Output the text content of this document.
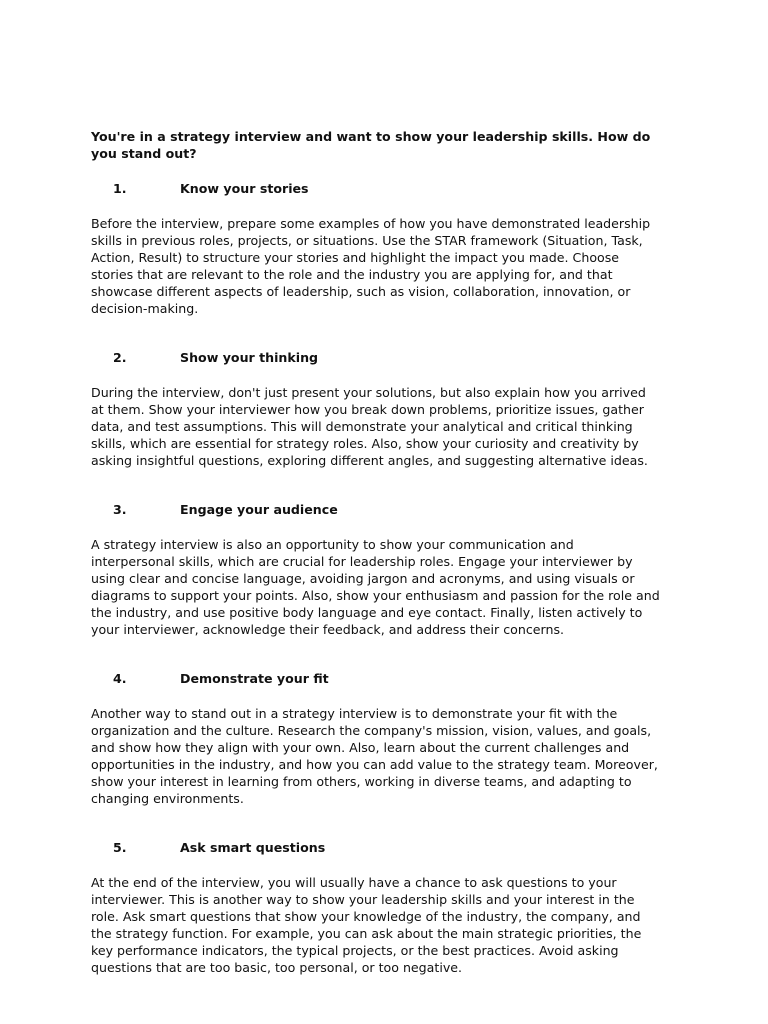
You're in a strategy interview and want to show your leadership skills. How do you stand out?

1.	Know your stories

Before the interview, prepare some examples of how you have demonstrated leadership skills in previous roles, projects, or situations. Use the STAR framework (Situation, Task, Action, Result) to structure your stories and highlight the impact you made. Choose stories that are relevant to the role and the industry you are applying for, and that showcase different aspects of leadership, such as vision, collaboration, innovation, or decision-making.

2.	Show your thinking

During the interview, don't just present your solutions, but also explain how you arrived at them. Show your interviewer how you break down problems, prioritize issues, gather data, and test assumptions. This will demonstrate your analytical and critical thinking skills, which are essential for strategy roles. Also, show your curiosity and creativity by asking insightful questions, exploring different angles, and suggesting alternative ideas.

3.	Engage your audience

A strategy interview is also an opportunity to show your communication and interpersonal skills, which are crucial for leadership roles. Engage your interviewer by using clear and concise language, avoiding jargon and acronyms, and using visuals or diagrams to support your points. Also, show your enthusiasm and passion for the role and the industry, and use positive body language and eye contact. Finally, listen actively to your interviewer, acknowledge their feedback, and address their concerns.

4.	Demonstrate your fit

Another way to stand out in a strategy interview is to demonstrate your fit with the organization and the culture. Research the company's mission, vision, values, and goals, and show how they align with your own. Also, learn about the current challenges and opportunities in the industry, and how you can add value to the strategy team. Moreover, show your interest in learning from others, working in diverse teams, and adapting to changing environments.

5.	Ask smart questions

At the end of the interview, you will usually have a chance to ask questions to your interviewer. This is another way to show your leadership skills and your interest in the role. Ask smart questions that show your knowledge of the industry, the company, and the strategy function. For example, you can ask about the main strategic priorities, the key performance indicators, the typical projects, or the best practices. Avoid asking questions that are too basic, too personal, or too negative.
